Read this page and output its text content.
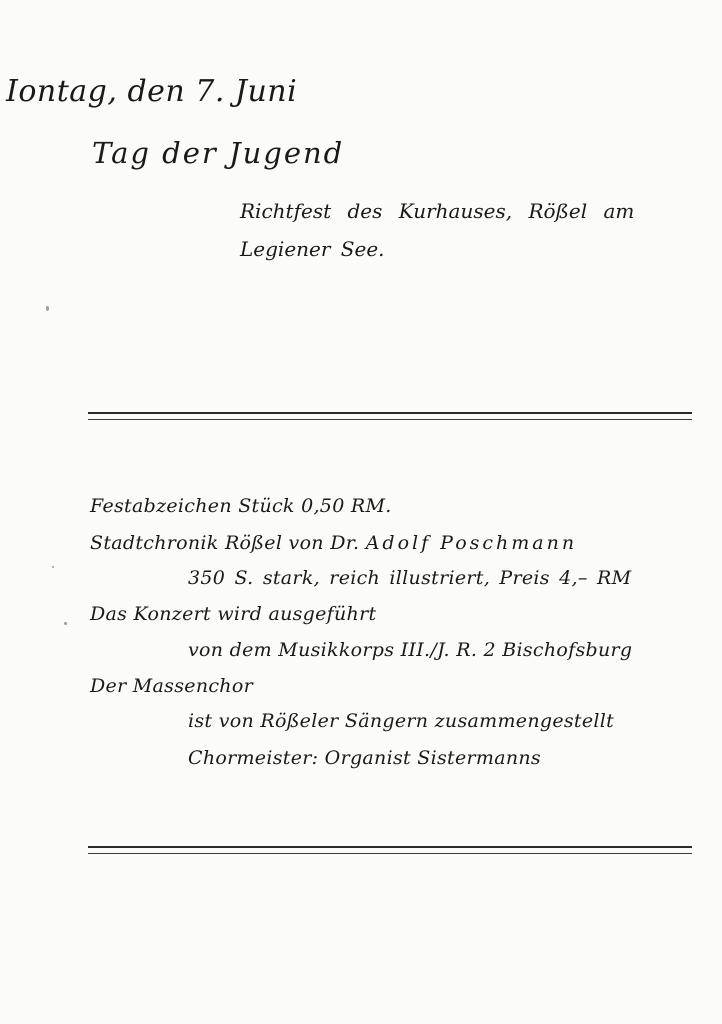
Iontag, den 7. Juni
Tag der Jugend
Richtfest des Kurhauses, Rößel am
Legiener See.
Festabzeichen Stück 0,50 RM.
Stadtchronik Rößel von Dr. Adolf Poschmann
350 S. stark, reich illustriert, Preis 4,– RM
Das Konzert wird ausgeführt
von dem Musikkorps III./J. R. 2 Bischofsburg
Der Massenchor
ist von Rößeler Sängern zusammengestellt
Chormeister: Organist Sistermanns
